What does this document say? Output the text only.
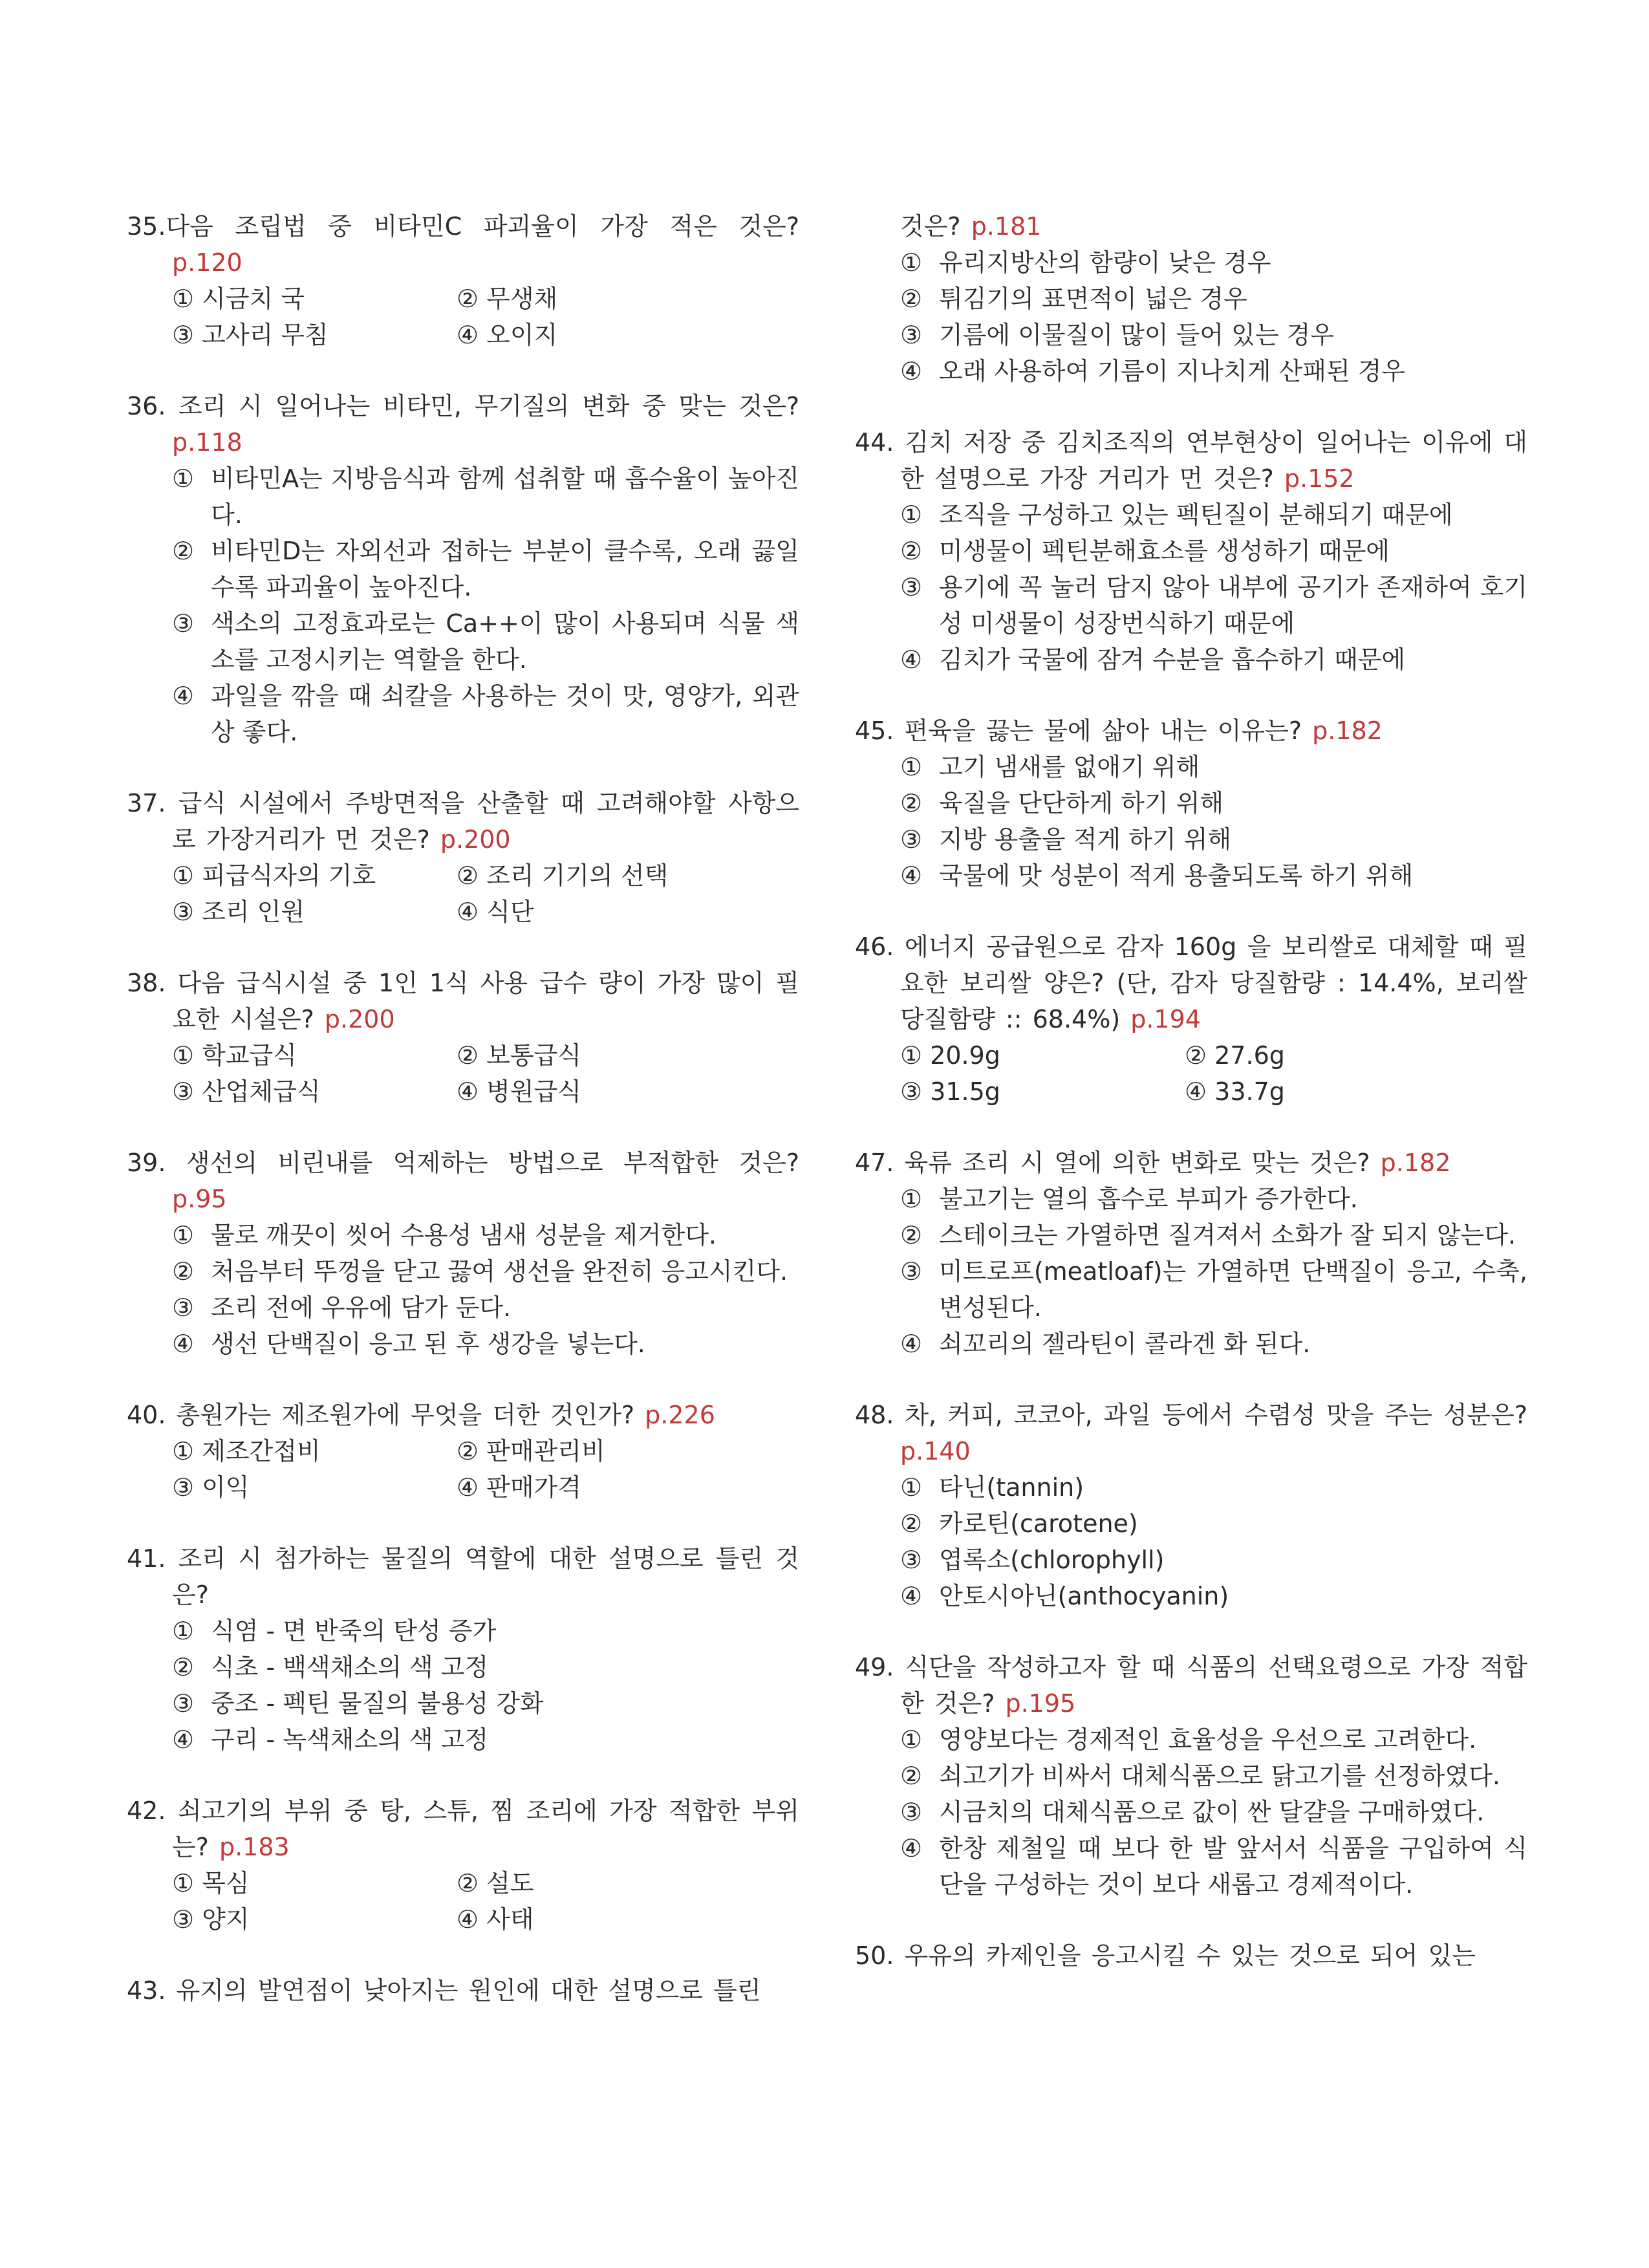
35.다음 조립법 중 비타민C 파괴율이 가장 적은 것은? p.120
① 시금치 국	② 무생채
③ 고사리 무침	④ 오이지
36. 조리 시 일어나는 비타민, 무기질의 변화 중 맞는 것은? p.118
① 비타민A는 지방음식과 함께 섭취할 때 흡수율이 높아진다.
② 비타민D는 자외선과 접하는 부분이 클수록, 오래 끓일수록 파괴율이 높아진다.
③ 색소의 고정효과로는 Ca++이 많이 사용되며 식물 색소를 고정시키는 역할을 한다.
④ 과일을 깎을 때 쇠칼을 사용하는 것이 맛, 영양가, 외관상 좋다.
37. 급식 시설에서 주방면적을 산출할 때 고려해야할 사항으로 가장거리가 먼 것은? p.200
① 피급식자의 기호	② 조리 기기의 선택
③ 조리 인원	④ 식단
38. 다음 급식시설 중 1인 1식 사용 급수 량이 가장 많이 필요한 시설은? p.200
① 학교급식	② 보통급식
③ 산업체급식	④ 병원급식
39. 생선의 비린내를 억제하는 방법으로 부적합한 것은? p.95
① 물로 깨끗이 씻어 수용성 냄새 성분을 제거한다.
② 처음부터 뚜껑을 닫고 끓여 생선을 완전히 응고시킨다.
③ 조리 전에 우유에 담가 둔다.
④ 생선 단백질이 응고 된 후 생강을 넣는다.
40. 총원가는 제조원가에 무엇을 더한 것인가? p.226
① 제조간접비	② 판매관리비
③ 이익	④ 판매가격
41. 조리 시 첨가하는 물질의 역할에 대한 설명으로 틀린 것은?
① 식염 - 면 반죽의 탄성 증가
② 식초 - 백색채소의 색 고정
③ 중조 - 펙틴 물질의 불용성 강화
④ 구리 - 녹색채소의 색 고정
42. 쇠고기의 부위 중 탕, 스튜, 찜 조리에 가장 적합한 부위는? p.183
① 목심	② 설도
③ 양지	④ 사태
43. 유지의 발연점이 낮아지는 원인에 대한 설명으로 틀린
것은? p.181
① 유리지방산의 함량이 낮은 경우
② 튀김기의 표면적이 넓은 경우
③ 기름에 이물질이 많이 들어 있는 경우
④ 오래 사용하여 기름이 지나치게 산패된 경우
44. 김치 저장 중 김치조직의 연부현상이 일어나는 이유에 대한 설명으로 가장 거리가 먼 것은? p.152
① 조직을 구성하고 있는 펙틴질이 분해되기 때문에
② 미생물이 펙틴분해효소를 생성하기 때문에
③ 용기에 꼭 눌러 담지 않아 내부에 공기가 존재하여 호기성 미생물이 성장번식하기 때문에
④ 김치가 국물에 잠겨 수분을 흡수하기 때문에
45. 편육을 끓는 물에 삶아 내는 이유는? p.182
① 고기 냄새를 없애기 위해
② 육질을 단단하게 하기 위해
③ 지방 용출을 적게 하기 위해
④ 국물에 맛 성분이 적게 용출되도록 하기 위해
46. 에너지 공급원으로 감자 160g 을 보리쌀로 대체할 때 필요한 보리쌀 양은? (단, 감자 당질함량 : 14.4%, 보리쌀 당질함량 :: 68.4%) p.194
① 20.9g	② 27.6g
③ 31.5g	④ 33.7g
47. 육류 조리 시 열에 의한 변화로 맞는 것은? p.182
① 불고기는 열의 흡수로 부피가 증가한다.
② 스테이크는 가열하면 질겨져서 소화가 잘 되지 않는다.
③ 미트로프(meatloaf)는 가열하면 단백질이 응고, 수축, 변성된다.
④ 쇠꼬리의 젤라틴이 콜라겐 화 된다.
48. 차, 커피, 코코아, 과일 등에서 수렴성 맛을 주는 성분은? p.140
① 타닌(tannin)
② 카로틴(carotene)
③ 엽록소(chlorophyll)
④ 안토시아닌(anthocyanin)
49. 식단을 작성하고자 할 때 식품의 선택요령으로 가장 적합한 것은? p.195
① 영양보다는 경제적인 효율성을 우선으로 고려한다.
② 쇠고기가 비싸서 대체식품으로 닭고기를 선정하였다.
③ 시금치의 대체식품으로 값이 싼 달걀을 구매하였다.
④ 한창 제철일 때 보다 한 발 앞서서 식품을 구입하여 식단을 구성하는 것이 보다 새롭고 경제적이다.
50. 우유의 카제인을 응고시킬 수 있는 것으로 되어 있는
